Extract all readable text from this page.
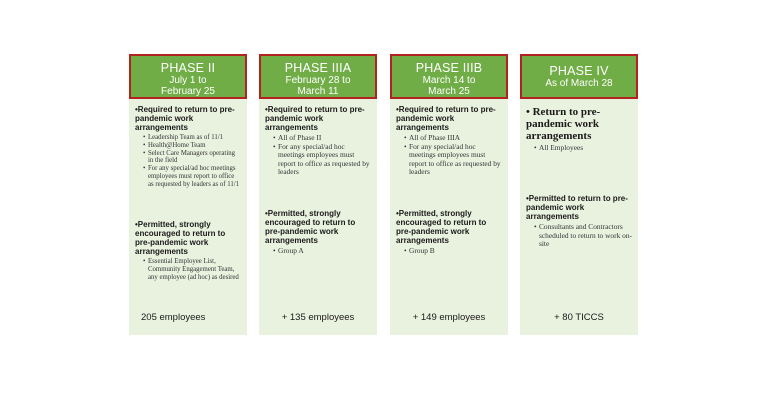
PHASE II
July 1 to
February 25
•Required to return to pre-pandemic work arrangements
• Leadership Team as of 11/1
• Health@Home Team
• Select Care Managers operating in the field
• For any special/ad hoc meetings employees must report to office as requested by leaders as of 11/1
•Permitted, strongly encouraged to return to pre-pandemic work arrangements
• Essential Employee List, Community Engagement Team, any employee (ad hoc) as desired
205 employees
PHASE IIIA
February 28 to
March 11
•Required to return to pre-pandemic work arrangements
• All of Phase II
• For any special/ad hoc meetings employees must report to office as requested by leaders
•Permitted, strongly encouraged to return to pre-pandemic work arrangements
• Group A
+ 135 employees
PHASE IIIB
March 14 to
March 25
•Required to return to pre-pandemic work arrangements
• All of Phase IIIA
• For any special/ad hoc meetings employees must report to office as requested by leaders
•Permitted, strongly encouraged to return to pre-pandemic work arrangements
• Group B
+ 149 employees
PHASE IV
As of March 28
• Return to pre-pandemic work arrangements
• All Employees
•Permitted to return to pre-pandemic work arrangements
• Consultants and Contractors scheduled to return to work on-site
+ 80 TICCS
